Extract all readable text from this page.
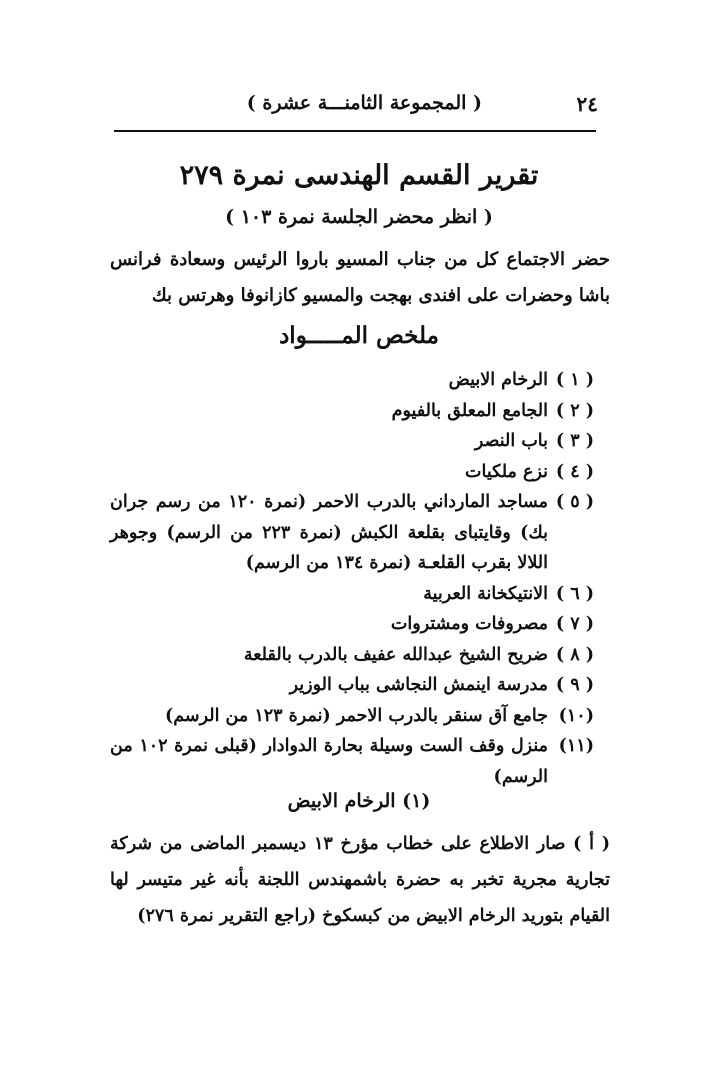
٢٤
( المجموعة الثامنـــة عشرة )
تقرير القسم الهندسى نمرة ٢٧٩
( انظر محضر الجلسة نمرة ١٠٣ )

حضر الاجتماع كل من جناب المسيو باروا الرئيس وسعادة فرانس باشا وحضرات على افندى بهجت والمسيو كازانوفا وهرتس بك

ملخص المـــــواد
( ١ )
الرخام الابيض
( ٢ )
الجامع المعلق بالفيوم
( ٣ )
باب النصر
( ٤ )
نزع ملكيات
( ٥ )
مساجد المارداني بالدرب الاحمر (نمرة ١٢٠ من رسم جران بك) وقايتباى بقلعة الكبش (نمرة ٢٢٣ من الرسم) وجوهر اللالا بقرب القلعـة (نمرة ١٣٤ من الرسم)
( ٦ )
الانتيكخانة العربية
( ٧ )
مصروفات ومشتروات
( ٨ )
ضريح الشيخ عبدالله عفيف بالدرب بالقلعة
( ٩ )
مدرسة اينمش النجاشى بباب الوزير
(١٠)
جامع آق سنقر بالدرب الاحمر (نمرة ١٢٣ من الرسم)
(١١)
منزل وقف الست وسيلة بحارة الدوادار (قبلى نمرة ١٠٢ من الرسم)
(١) الرخام الابيض

( أ ) صار الاطلاع على خطاب مؤرخ ١٣ ديسمبر الماضى من شركة تجارية مجرية تخبر به حضرة باشمهندس اللجنة بأنه غير متيسر لها القيام بتوريد الرخام الابيض من كبسكوخ (راجع التقرير نمرة ٢٧٦)
